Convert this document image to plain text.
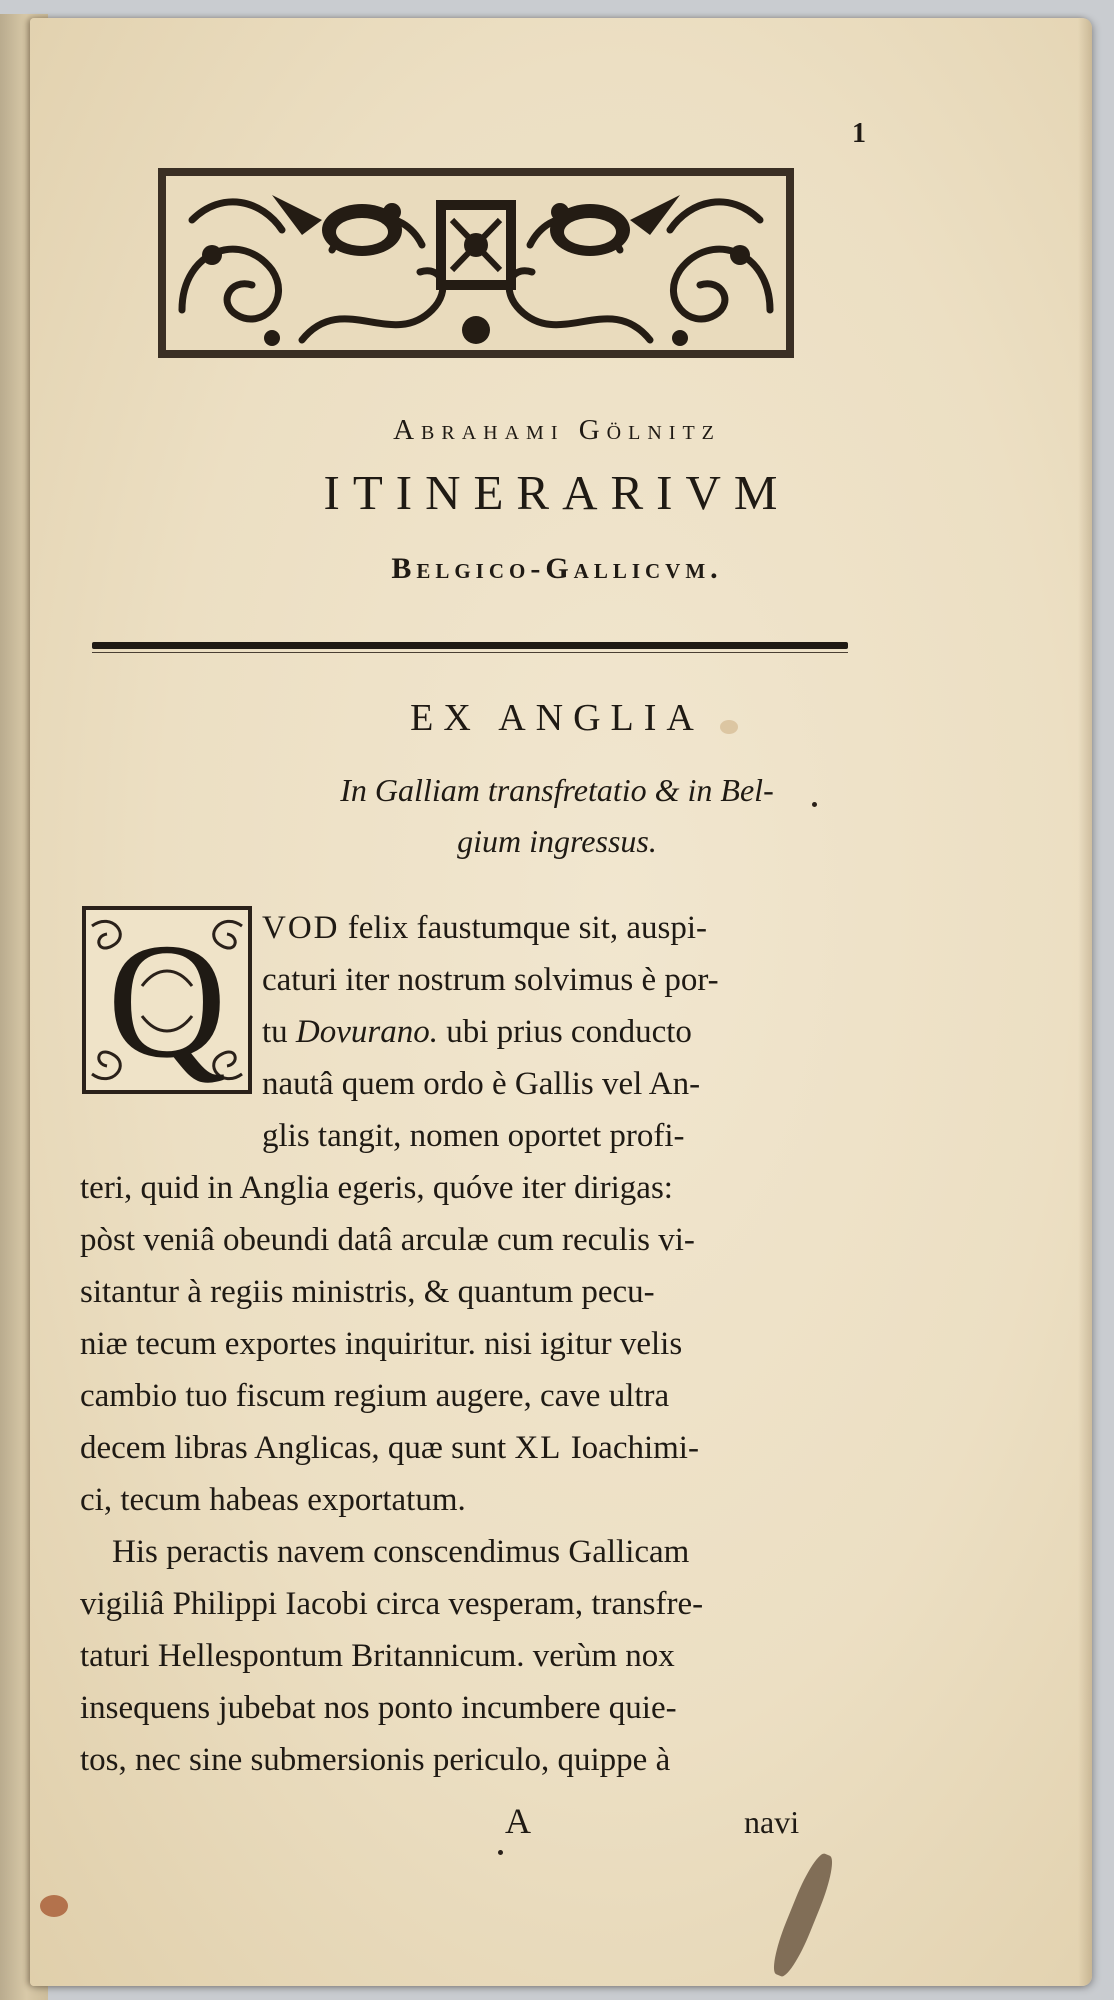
1
Abrahami Gölnitz
ITINERARIVM
Belgico-Gallicvm.
EX ANGLIA
In Galliam transfretatio & in Bel-
gium ingressus.
Q VOD felix faustumque sit, auspi-
caturi iter nostrum solvimus è por-
tu Dovurano. ubi prius conducto
nautâ quem ordo è Gallis vel An-
glis tangit, nomen oportet profi-
teri, quid in Anglia egeris, quóve iter dirigas:
pòst veniâ obeundi datâ arculæ cum reculis vi-
sitantur à regiis ministris, & quantum pecu-
niæ tecum exportes inquiritur. nisi igitur velis
cambio tuo fiscum regium augere, cave ultra
decem libras Anglicas, quæ sunt XL Ioachimi-
ci, tecum habeas exportatum.
His peractis navem conscendimus Gallicam
vigiliâ Philippi Iacobi circa vesperam, transfre-
taturi Hellespontum Britannicum. verùm nox
insequens jubebat nos ponto incumbere quie-
tos, nec sine submersionis periculo, quippe à
A	navi
